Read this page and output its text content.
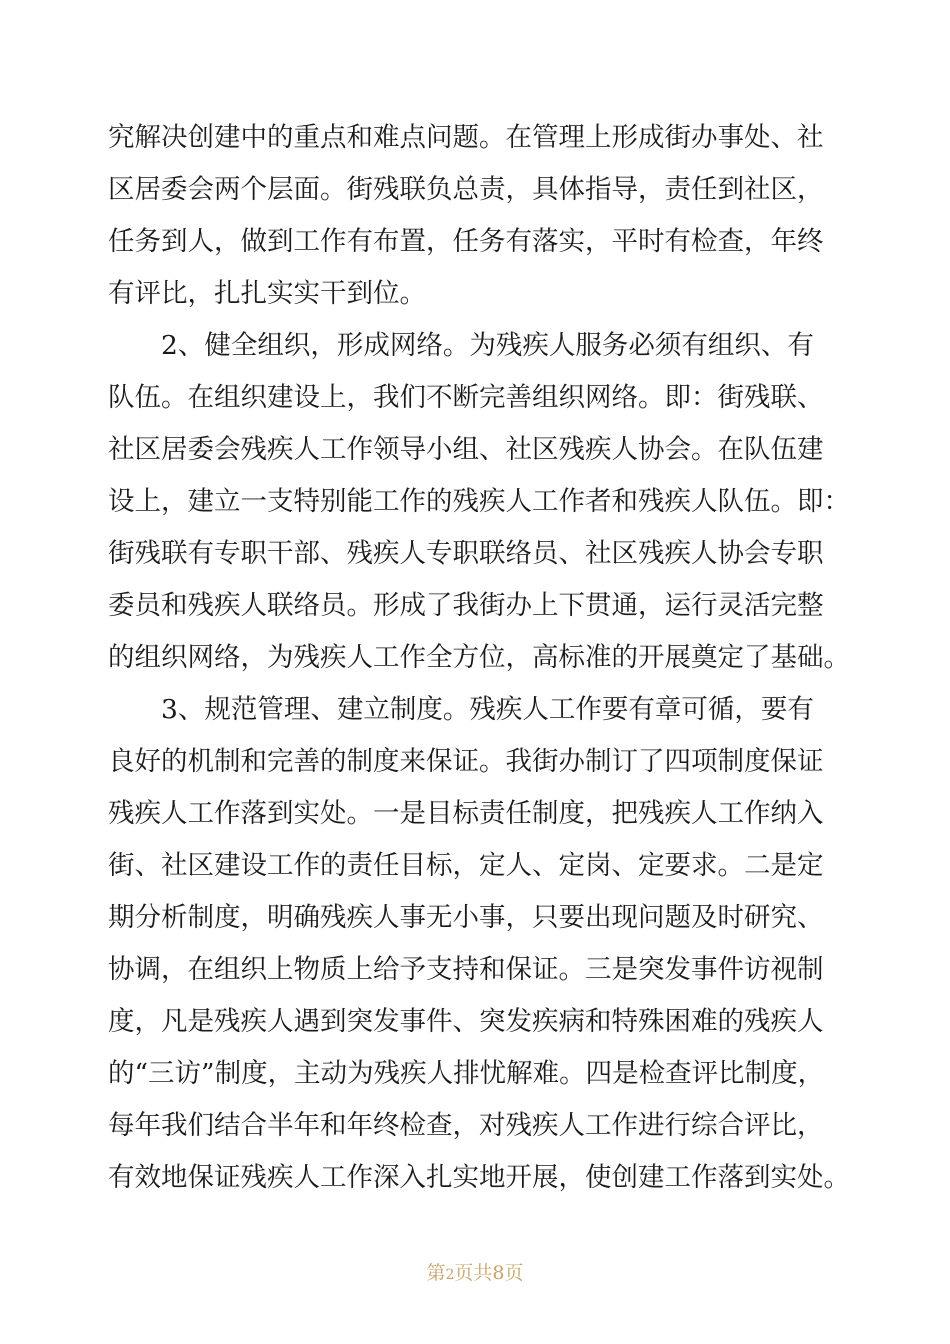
究解决创建中的重点和难点问题。在管理上形成街办事处、社
区居委会两个层面。街残联负总责，具体指导，责任到社区，
任务到人，做到工作有布置，任务有落实，平时有检查，年终
有评比，扎扎实实干到位。
　　2、健全组织，形成网络。为残疾人服务必须有组织、有
队伍。在组织建设上，我们不断完善组织网络。即：街残联、
社区居委会残疾人工作领导小组、社区残疾人协会。在队伍建
设上，建立一支特别能工作的残疾人工作者和残疾人队伍。即：
街残联有专职干部、残疾人专职联络员、社区残疾人协会专职
委员和残疾人联络员。形成了我街办上下贯通，运行灵活完整
的组织网络，为残疾人工作全方位，高标准的开展奠定了基础。
　　3、规范管理、建立制度。残疾人工作要有章可循，要有
良好的机制和完善的制度来保证。我街办制订了四项制度保证
残疾人工作落到实处。一是目标责任制度，把残疾人工作纳入
街、社区建设工作的责任目标，定人、定岗、定要求。二是定
期分析制度，明确残疾人事无小事，只要出现问题及时研究、
协调，在组织上物质上给予支持和保证。三是突发事件访视制
度，凡是残疾人遇到突发事件、突发疾病和特殊困难的残疾人
的“三访”制度，主动为残疾人排忧解难。四是检查评比制度，
每年我们结合半年和年终检查，对残疾人工作进行综合评比，
有效地保证残疾人工作深入扎实地开展，使创建工作落到实处。
第2页共8页
